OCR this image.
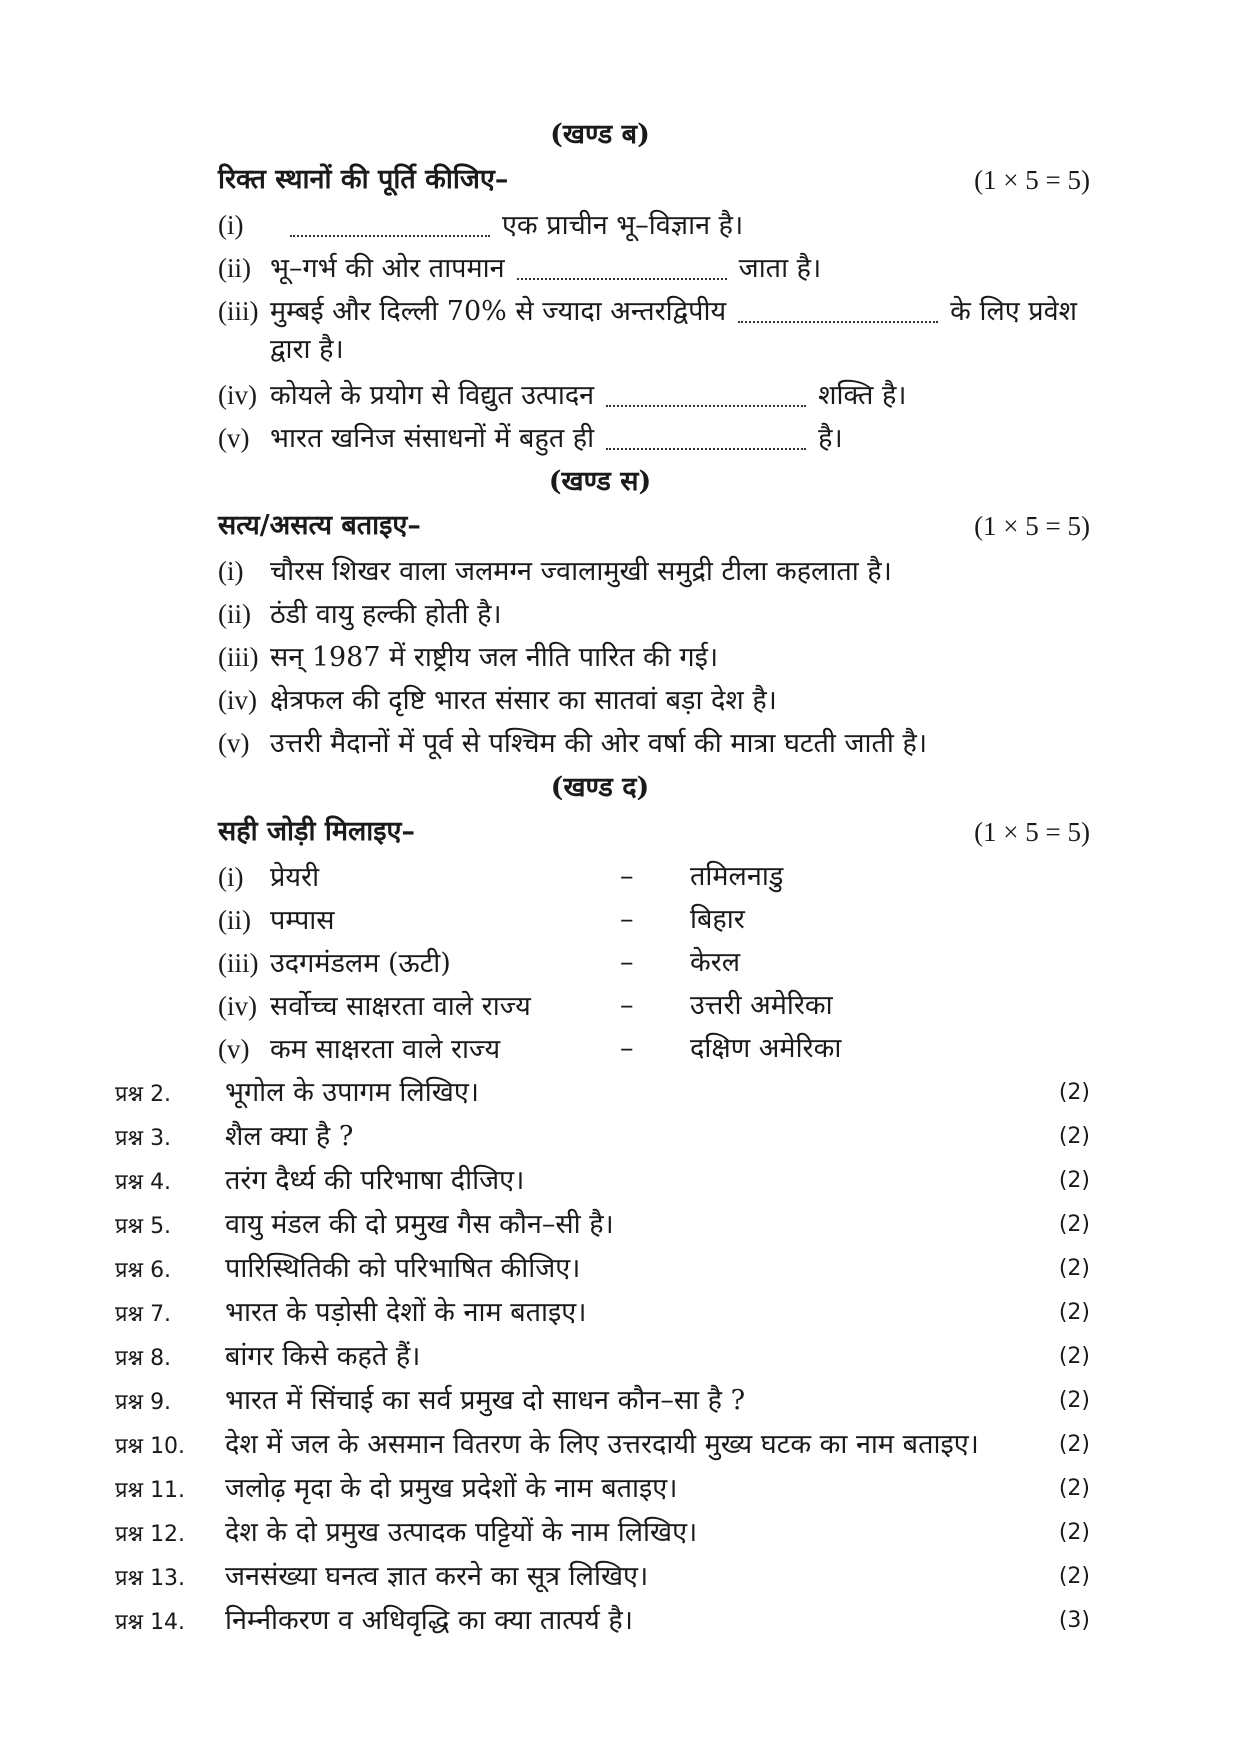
(खण्ड ब)
रिक्त स्थानों की पूर्ति कीजिए–	(1 × 5 = 5)
(i)	एक प्राचीन भू–विज्ञान है।
(ii) भू–गर्भ की ओर तापमान	जाता है।
(iii) मुम्बई और दिल्ली 70% से ज्यादा अन्तरद्विपीय	के लिए प्रवेश
द्वारा है।
(iv) कोयले के प्रयोग से विद्युत उत्पादन	शक्ति है।
(v) भारत खनिज संसाधनों में बहुत ही	है।
(खण्ड स)
सत्य/असत्य बताइए–	(1 × 5 = 5)
(i) चौरस शिखर वाला जलमग्न ज्वालामुखी समुद्री टीला कहलाता है।
(ii) ठंडी वायु हल्की होती है।
(iii) सन् 1987 में राष्ट्रीय जल नीति पारित की गई।
(iv) क्षेत्रफल की दृष्टि भारत संसार का सातवां बड़ा देश है।
(v) उत्तरी मैदानों में पूर्व से पश्चिम की ओर वर्षा की मात्रा घटती जाती है।
(खण्ड द)
सही जोड़ी मिलाइए–	(1 × 5 = 5)
(i) प्रेयरी	– तमिलनाडु
(ii) पम्पास	– बिहार
(iii) उदगमंडलम (ऊटी)	– केरल
(iv) सर्वोच्च साक्षरता वाले राज्य	– उत्तरी अमेरिका
(v) कम साक्षरता वाले राज्य	– दक्षिण अमेरिका
प्रश्न 2. भूगोल के उपागम लिखिए।	(2)
प्रश्न 3. शैल क्या है ?	(2)
प्रश्न 4. तरंग दैर्ध्य की परिभाषा दीजिए।	(2)
प्रश्न 5. वायु मंडल की दो प्रमुख गैस कौन–सी है।	(2)
प्रश्न 6. पारिस्थितिकी को परिभाषित कीजिए।	(2)
प्रश्न 7. भारत के पड़ोसी देशों के नाम बताइए।	(2)
प्रश्न 8. बांगर किसे कहते हैं।	(2)
प्रश्न 9. भारत में सिंचाई का सर्व प्रमुख दो साधन कौन–सा है ?	(2)
प्रश्न 10. देश में जल के असमान वितरण के लिए उत्तरदायी मुख्य घटक का नाम बताइए।	(2)
प्रश्न 11. जलोढ़ मृदा के दो प्रमुख प्रदेशों के नाम बताइए।	(2)
प्रश्न 12. देश के दो प्रमुख उत्पादक पट्टियों के नाम लिखिए।	(2)
प्रश्न 13. जनसंख्या घनत्व ज्ञात करने का सूत्र लिखिए।	(2)
प्रश्न 14. निम्नीकरण व अधिवृद्धि का क्या तात्पर्य है।	(3)
